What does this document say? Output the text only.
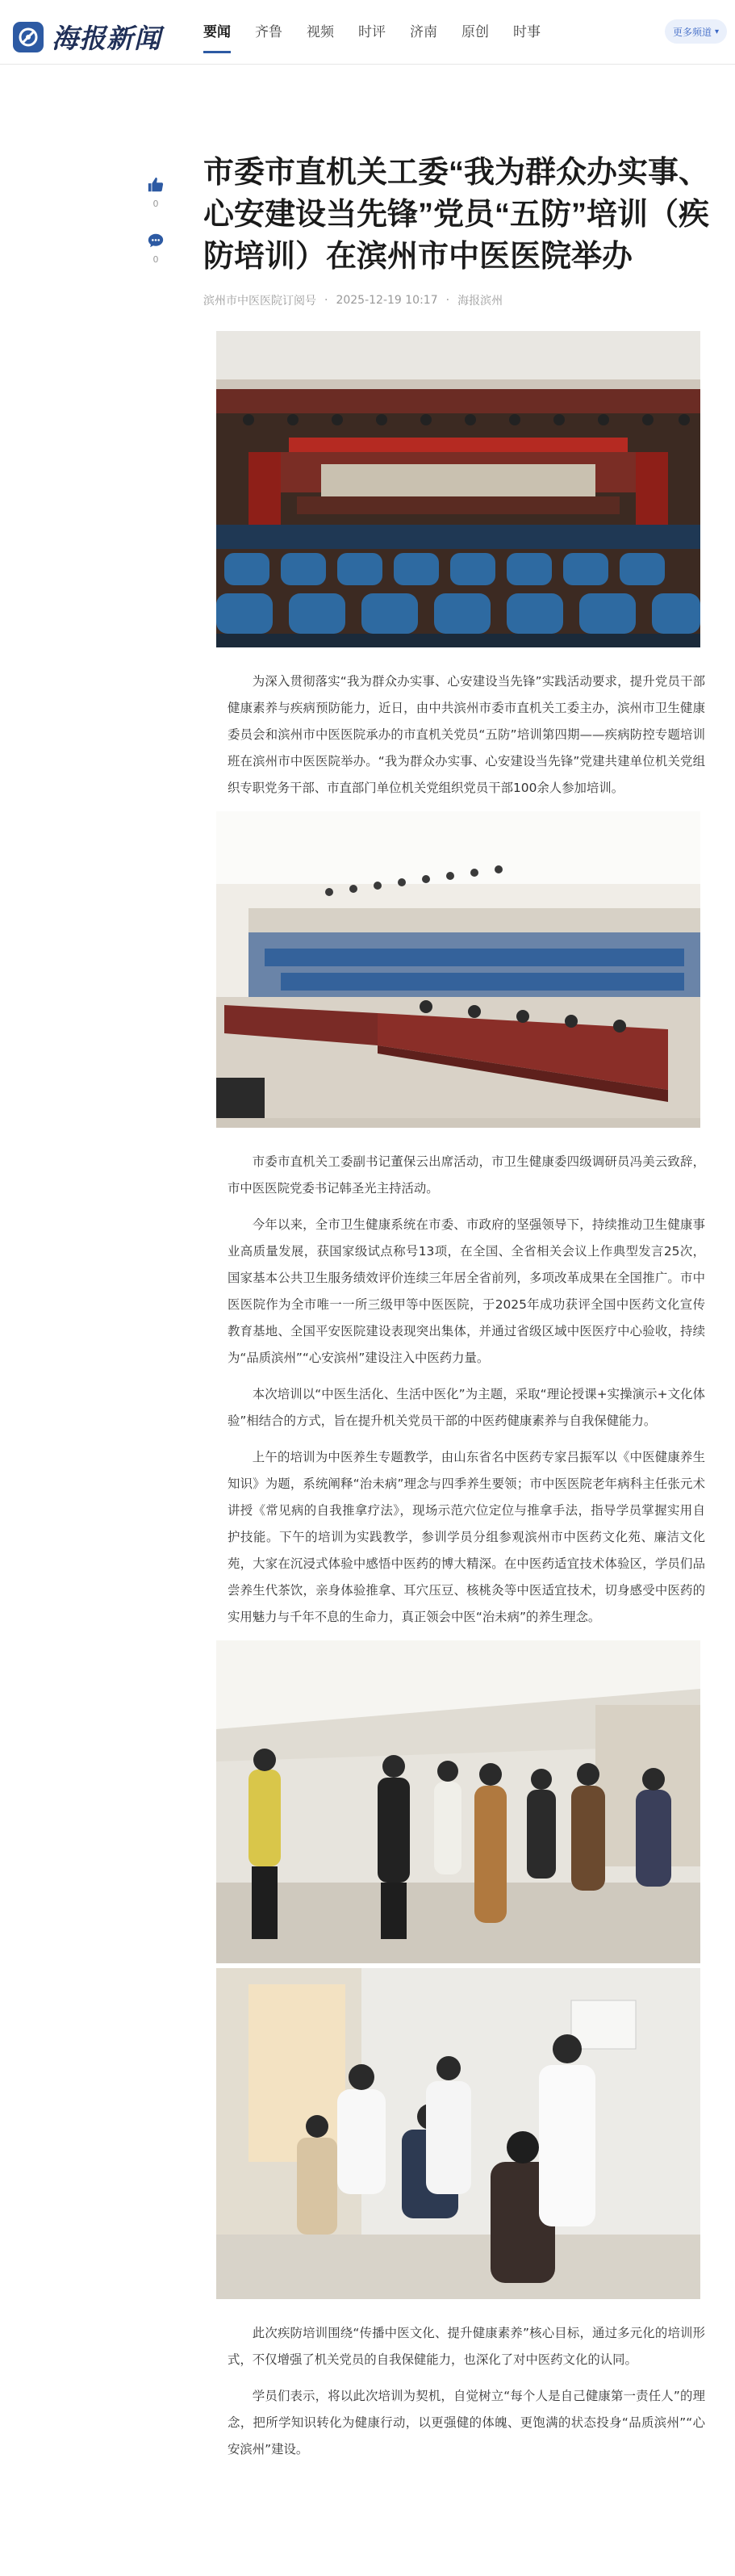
海报新闻	要闻 齐鲁 视频 时评 济南 原创 时事	更多频道 ▾
0
0
市委市直机关工委“我为群众办实事、心安建设当先锋”党员“五防”培训（疾防培训）在滨州市中医医院举办
滨州市中医医院订阅号 · 2025-12-19 10:17 · 海报滨州

为深入贯彻落实“我为群众办实事、心安建设当先锋”实践活动要求，提升党员干部健康素养与疾病预防能力，近日，由中共滨州市委市直机关工委主办，滨州市卫生健康委员会和滨州市中医医院承办的市直机关党员“五防”培训第四期——疾病防控专题培训班在滨州市中医医院举办。“我为群众办实事、心安建设当先锋”党建共建单位机关党组织专职党务干部、市直部门单位机关党组织党员干部100余人参加培训。

市委市直机关工委副书记董保云出席活动，市卫生健康委四级调研员冯美云致辞，市中医医院党委书记韩圣光主持活动。

今年以来，全市卫生健康系统在市委、市政府的坚强领导下，持续推动卫生健康事业高质量发展，获国家级试点称号13项，在全国、全省相关会议上作典型发言25次，国家基本公共卫生服务绩效评价连续三年居全省前列，多项改革成果在全国推广。市中医医院作为全市唯一一所三级甲等中医医院，于2025年成功获评全国中医药文化宣传教育基地、全国平安医院建设表现突出集体，并通过省级区域中医医疗中心验收，持续为“品质滨州”“心安滨州”建设注入中医药力量。

本次培训以“中医生活化、生活中医化”为主题，采取“理论授课+实操演示+文化体验”相结合的方式，旨在提升机关党员干部的中医药健康素养与自我保健能力。

上午的培训为中医养生专题教学，由山东省名中医药专家吕振军以《中医健康养生知识》为题，系统阐释“治未病”理念与四季养生要领；市中医医院老年病科主任张元术讲授《常见病的自我推拿疗法》，现场示范穴位定位与推拿手法，指导学员掌握实用自护技能。下午的培训为实践教学，参训学员分组参观滨州市中医药文化苑、廉洁文化苑，大家在沉浸式体验中感悟中医药的博大精深。在中医药适宜技术体验区，学员们品尝养生代茶饮，亲身体验推拿、耳穴压豆、核桃灸等中医适宜技术，切身感受中医药的实用魅力与千年不息的生命力，真正领会中医“治未病”的养生理念。

此次疾防培训围绕“传播中医文化、提升健康素养”核心目标，通过多元化的培训形式，不仅增强了机关党员的自我保健能力，也深化了对中医药文化的认同。

学员们表示，将以此次培训为契机，自觉树立“每个人是自己健康第一责任人”的理念，把所学知识转化为健康行动，以更强健的体魄、更饱满的状态投身“品质滨州”“心安滨州”建设。
